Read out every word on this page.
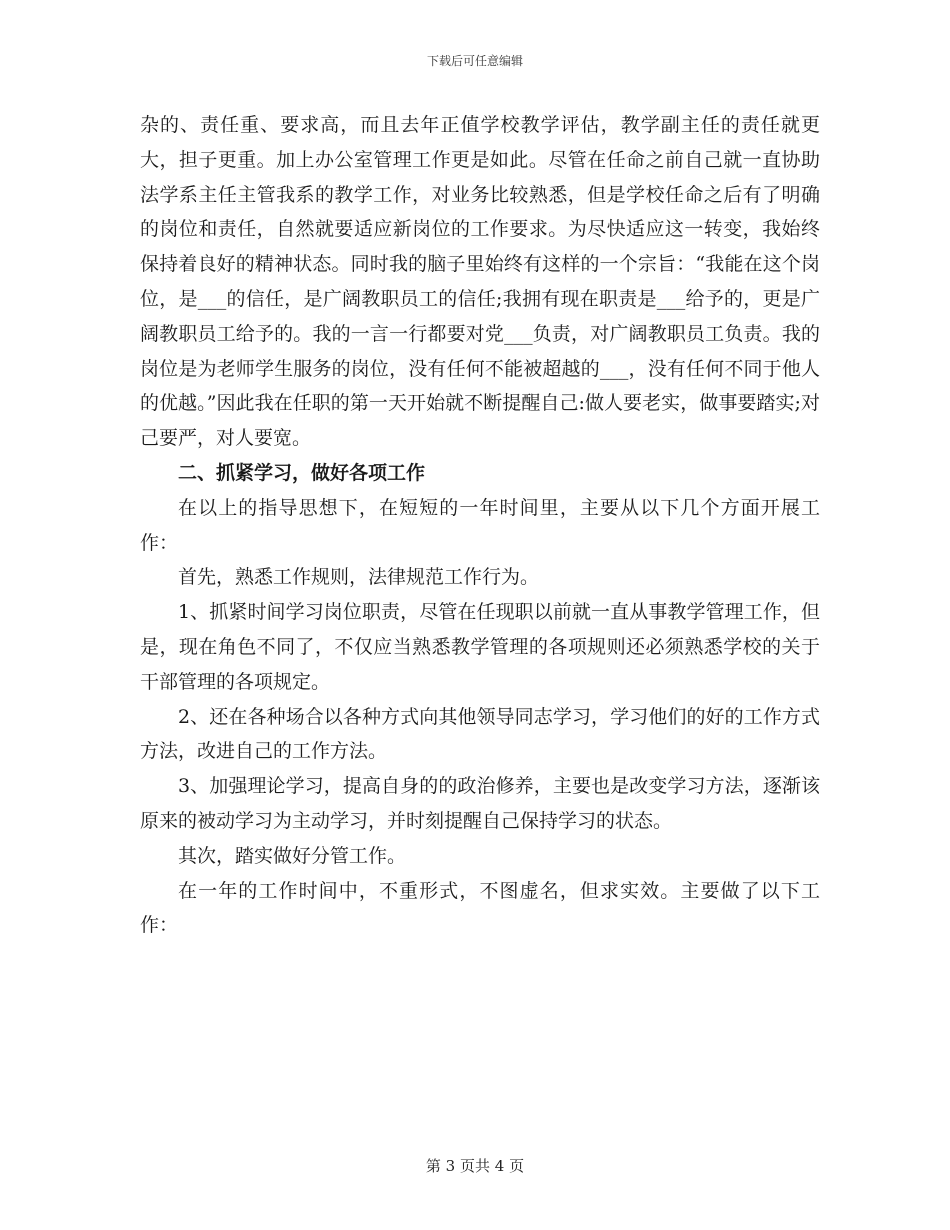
下载后可任意编辑

杂的、责任重、要求高，而且去年正值学校教学评估，教学副主任的责任就更大，担子更重。加上办公室管理工作更是如此。尽管在任命之前自己就一直协助法学系主任主管我系的教学工作，对业务比较熟悉，但是学校任命之后有了明确的岗位和责任，自然就要适应新岗位的工作要求。为尽快适应这一转变，我始终保持着良好的精神状态。同时我的脑子里始终有这样的一个宗旨：“我能在这个岗位，是___的信任，是广阔教职员工的信任;我拥有现在职责是___给予的，更是广阔教职员工给予的。我的一言一行都要对党___负责，对广阔教职员工负责。我的岗位是为老师学生服务的岗位，没有任何不能被超越的___，没有任何不同于他人的优越。”因此我在任职的第一天开始就不断提醒自己:做人要老实，做事要踏实;对己要严，对人要宽。

二、抓紧学习，做好各项工作

在以上的指导思想下，在短短的一年时间里，主要从以下几个方面开展工作：

首先，熟悉工作规则，法律规范工作行为。

1、抓紧时间学习岗位职责，尽管在任现职以前就一直从事教学管理工作，但是，现在角色不同了，不仅应当熟悉教学管理的各项规则还必须熟悉学校的关于干部管理的各项规定。

2、还在各种场合以各种方式向其他领导同志学习，学习他们的好的工作方式方法，改进自己的工作方法。

3、加强理论学习，提高自身的的政治修养，主要也是改变学习方法，逐渐该原来的被动学习为主动学习，并时刻提醒自己保持学习的状态。

其次，踏实做好分管工作。

在一年的工作时间中，不重形式，不图虚名，但求实效。主要做了以下工作：

第 3 页共 4 页
